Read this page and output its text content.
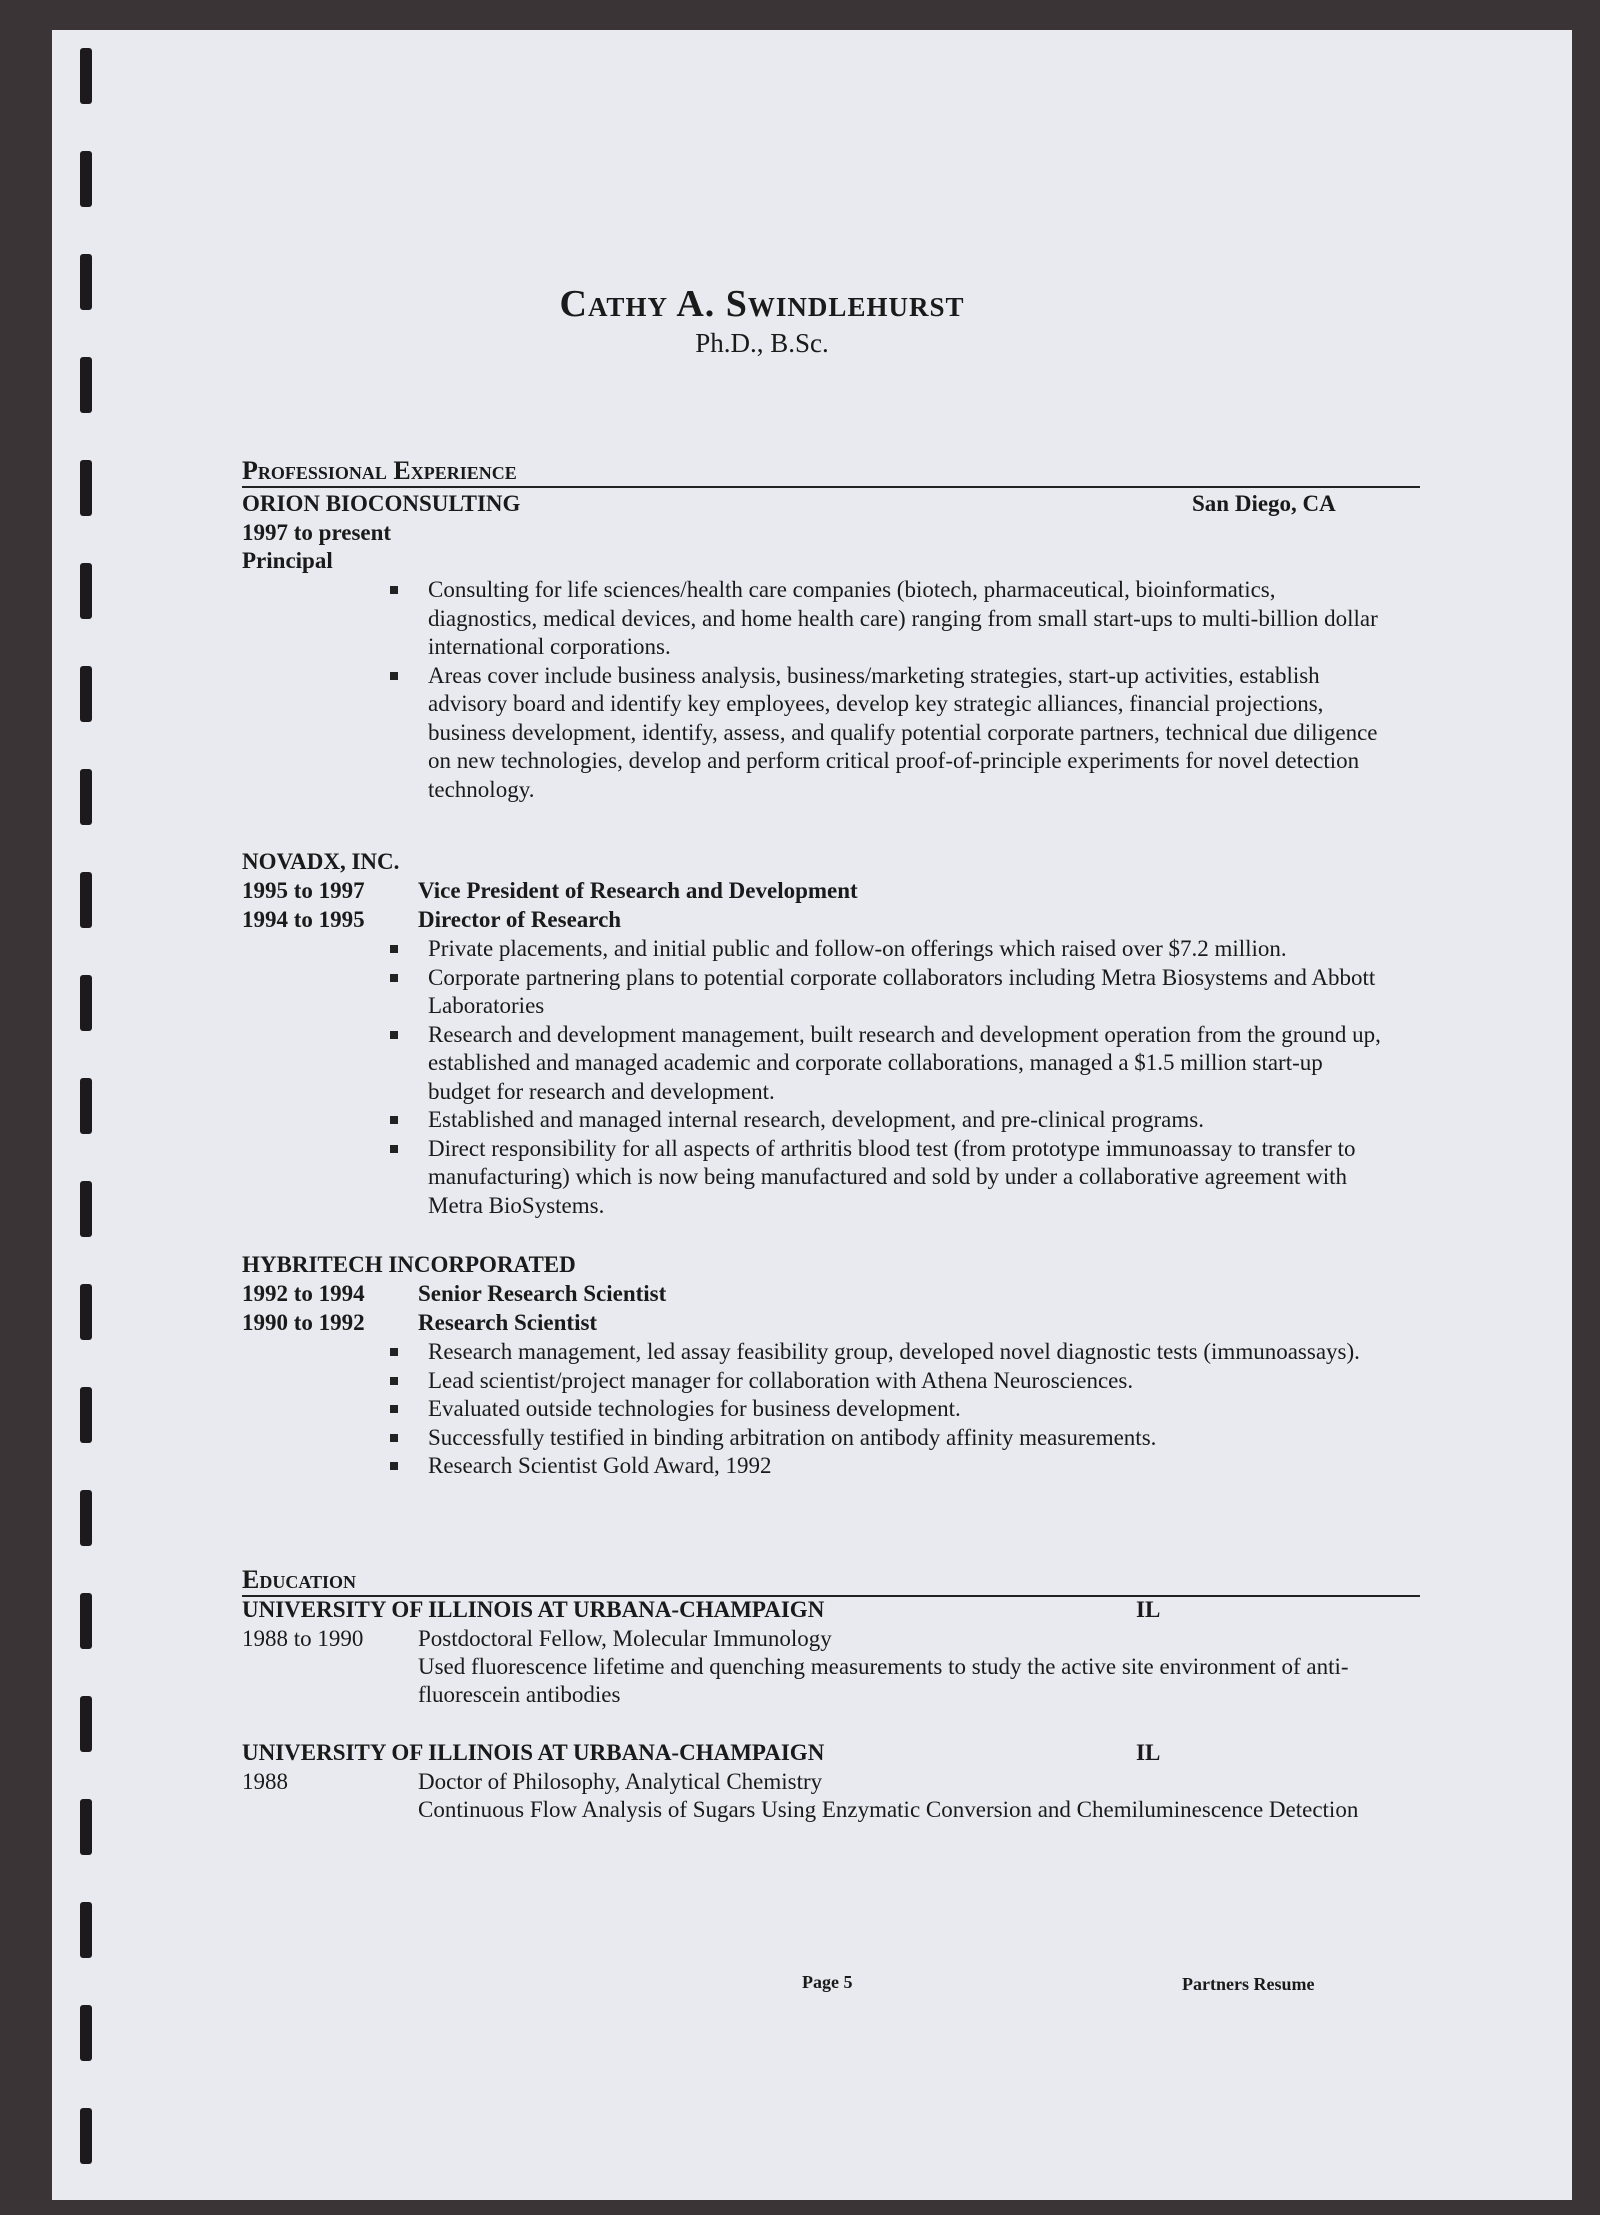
Cathy A. Swindlehurst
Ph.D., B.Sc.
Professional Experience
ORION BIOCONSULTING	San Diego, CA
1997 to present
Principal
Consulting for life sciences/health care companies (biotech, pharmaceutical, bioinformatics, diagnostics, medical devices, and home health care) ranging from small start-ups to multi-billion dollar international corporations.
Areas cover include business analysis, business/marketing strategies, start-up activities, establish advisory board and identify key employees, develop key strategic alliances, financial projections, business development, identify, assess, and qualify potential corporate partners, technical due diligence on new technologies, develop and perform critical proof-of-principle experiments for novel detection technology.
NOVADX, INC.
1995 to 1997 Vice President of Research and Development
1994 to 1995 Director of Research
Private placements, and initial public and follow-on offerings which raised over $7.2 million.
Corporate partnering plans to potential corporate collaborators including Metra Biosystems and Abbott Laboratories
Research and development management, built research and development operation from the ground up, established and managed academic and corporate collaborations, managed a $1.5 million start-up budget for research and development.
Established and managed internal research, development, and pre-clinical programs.
Direct responsibility for all aspects of arthritis blood test (from prototype immunoassay to transfer to manufacturing) which is now being manufactured and sold by under a collaborative agreement with Metra BioSystems.
HYBRITECH INCORPORATED
1992 to 1994 Senior Research Scientist
1990 to 1992 Research Scientist
Research management, led assay feasibility group, developed novel diagnostic tests (immunoassays).
Lead scientist/project manager for collaboration with Athena Neurosciences.
Evaluated outside technologies for business development.
Successfully testified in binding arbitration on antibody affinity measurements.
Research Scientist Gold Award, 1992
Education
UNIVERSITY OF ILLINOIS AT URBANA-CHAMPAIGN	IL
1988 to 1990 Postdoctoral Fellow, Molecular Immunology
Used fluorescence lifetime and quenching measurements to study the active site environment of anti-fluorescein antibodies
UNIVERSITY OF ILLINOIS AT URBANA-CHAMPAIGN	IL
1988	Doctor of Philosophy, Analytical Chemistry
Continuous Flow Analysis of Sugars Using Enzymatic Conversion and Chemiluminescence Detection
Page 5	Partners Resume
